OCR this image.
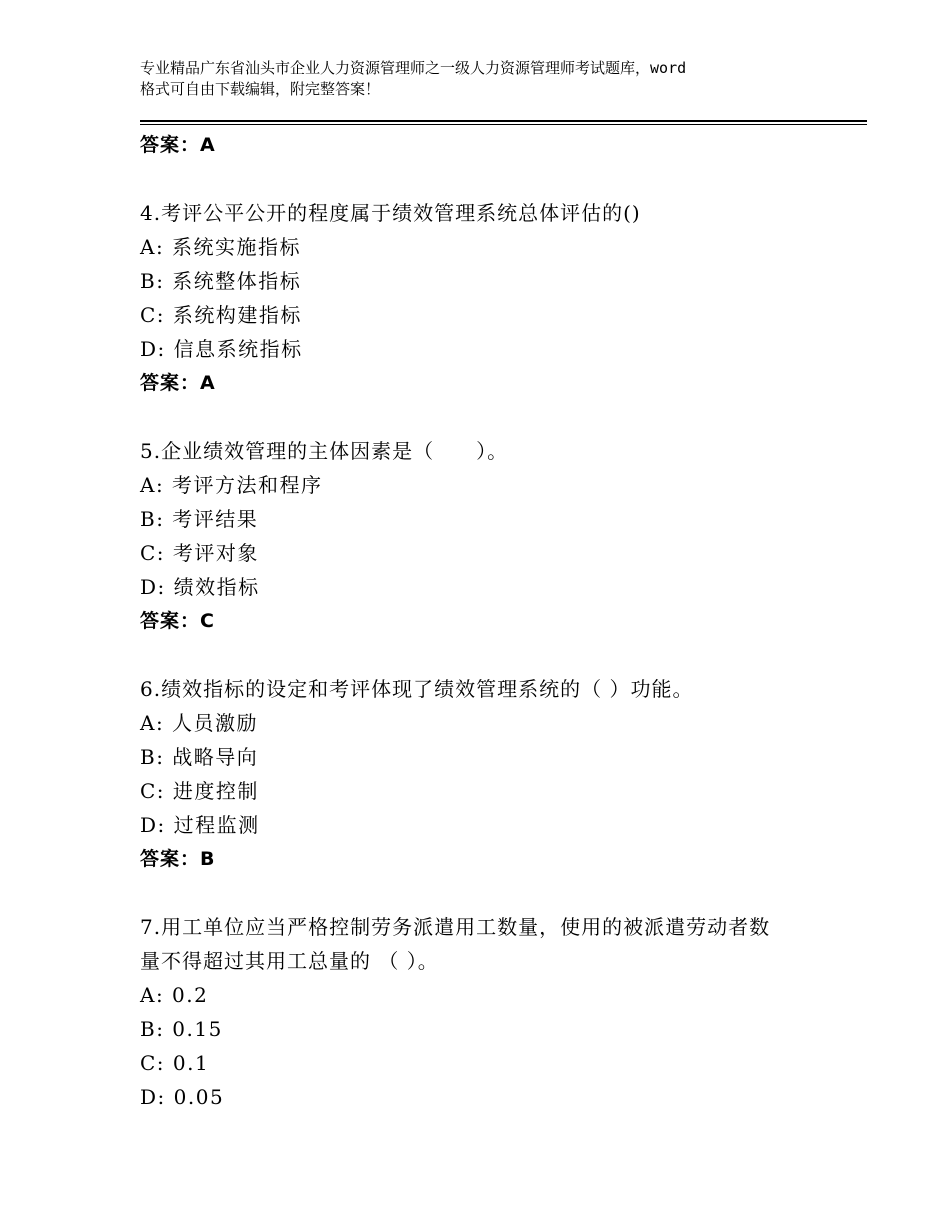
专业精品广东省汕头市企业人力资源管理师之一级人力资源管理师考试题库，word
格式可自由下载编辑，附完整答案！
答案：A
4.考评公平公开的程度属于绩效管理系统总体评估的()
A: 系统实施指标
B: 系统整体指标
C: 系统构建指标
D: 信息系统指标
答案：A
5.企业绩效管理的主体因素是（　　）。
A: 考评方法和程序
B: 考评结果
C: 考评对象
D: 绩效指标
答案：C
6.绩效指标的设定和考评体现了绩效管理系统的（ ）功能。
A: 人员激励
B: 战略导向
C: 进度控制
D: 过程监测
答案：B
7.用工单位应当严格控制劳务派遣用工数量，使用的被派遣劳动者数
量不得超过其用工总量的 （ ）。
A: 0.2
B: 0.15
C: 0.1
D: 0.05
